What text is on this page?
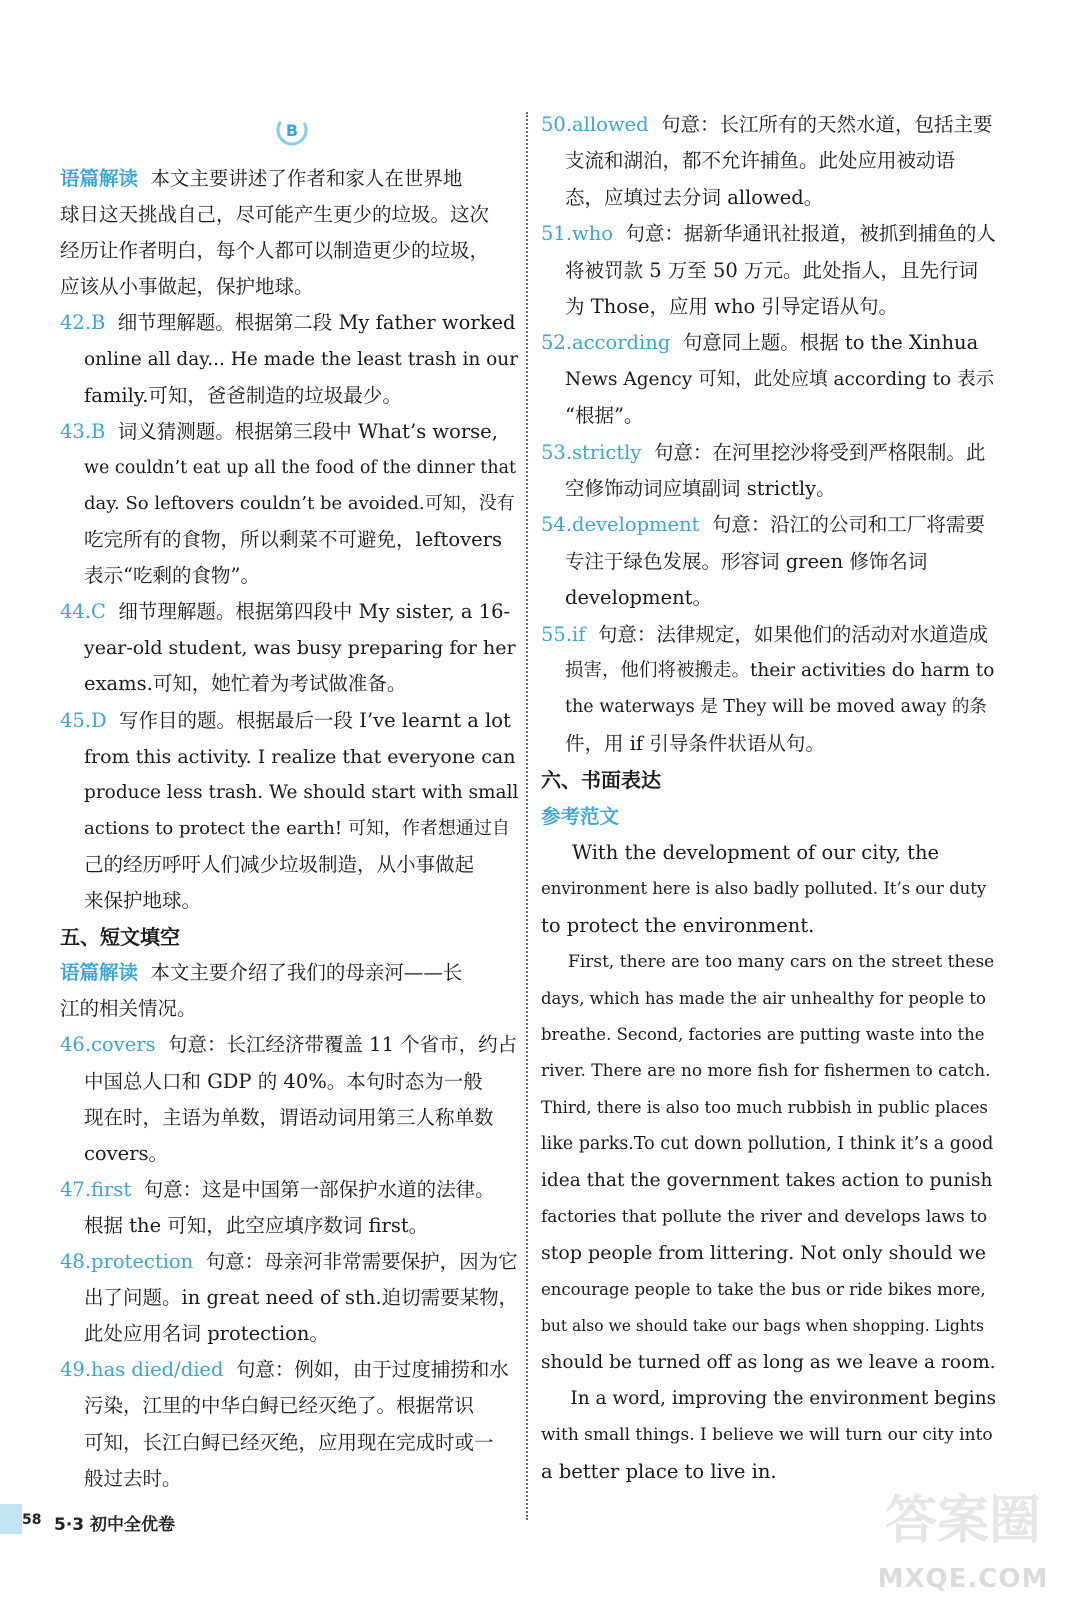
B
语篇解读  本文主要讲述了作者和家人在世界地
球日这天挑战自己，尽可能产生更少的垃圾。这次
经历让作者明白，每个人都可以制造更少的垃圾，
应该从小事做起，保护地球。
42.B  细节理解题。根据第二段 My father worked
online all day... He made the least trash in our
family.可知，爸爸制造的垃圾最少。
43.B  词义猜测题。根据第三段中 What’s worse,
we couldn’t eat up all the food of the dinner that
day. So leftovers couldn’t be avoided.可知，没有
吃完所有的食物，所以剩菜不可避免，leftovers
表示“吃剩的食物”。
44.C  细节理解题。根据第四段中 My sister, a 16-
year-old student, was busy preparing for her
exams.可知，她忙着为考试做准备。
45.D  写作目的题。根据最后一段 I’ve learnt a lot
from this activity. I realize that everyone can
produce less trash. We should start with small
actions to protect the earth! 可知，作者想通过自
己的经历呼吁人们减少垃圾制造，从小事做起
来保护地球。
五、短文填空
语篇解读  本文主要介绍了我们的母亲河——长
江的相关情况。
46.covers  句意：长江经济带覆盖 11 个省市，约占
中国总人口和 GDP 的 40%。本句时态为一般
现在时，主语为单数，谓语动词用第三人称单数
covers。
47.first  句意：这是中国第一部保护水道的法律。
根据 the 可知，此空应填序数词 first。
48.protection  句意：母亲河非常需要保护，因为它
出了问题。in great need of sth.迫切需要某物，
此处应用名词 protection。
49.has died/died  句意：例如，由于过度捕捞和水
污染，江里的中华白鲟已经灭绝了。根据常识
可知，长江白鲟已经灭绝，应用现在完成时或一
般过去时。
50.allowed  句意：长江所有的天然水道，包括主要
支流和湖泊，都不允许捕鱼。此处应用被动语
态，应填过去分词 allowed。
51.who  句意：据新华通讯社报道，被抓到捕鱼的人
将被罚款 5 万至 50 万元。此处指人，且先行词
为 Those，应用 who 引导定语从句。
52.according  句意同上题。根据 to the Xinhua
News Agency 可知，此处应填 according to 表示
“根据”。
53.strictly  句意：在河里挖沙将受到严格限制。此
空修饰动词应填副词 strictly。
54.development  句意：沿江的公司和工厂将需要
专注于绿色发展。形容词 green 修饰名词
development。
55.if  句意：法律规定，如果他们的活动对水道造成
损害，他们将被搬走。their activities do harm to
the waterways 是 They will be moved away 的条
件，用 if 引导条件状语从句。
六、书面表达
参考范文
With the development of our city, the
environment here is also badly polluted. It’s our duty
to protect the environment.
First, there are too many cars on the street these
days, which has made the air unhealthy for people to
breathe. Second, factories are putting waste into the
river. There are no more fish for fishermen to catch.
Third, there is also too much rubbish in public places
like parks.To cut down pollution, I think it’s a good
idea that the government takes action to punish
factories that pollute the river and develops laws to
stop people from littering. Not only should we
encourage people to take the bus or ride bikes more,
but also we should take our bags when shopping. Lights
should be turned off as long as we leave a room.
In a word, improving the environment begins
with small things. I believe we will turn our city into
a better place to live in.
58 5·3 初中全优卷	答案圈
MXQE.COM
